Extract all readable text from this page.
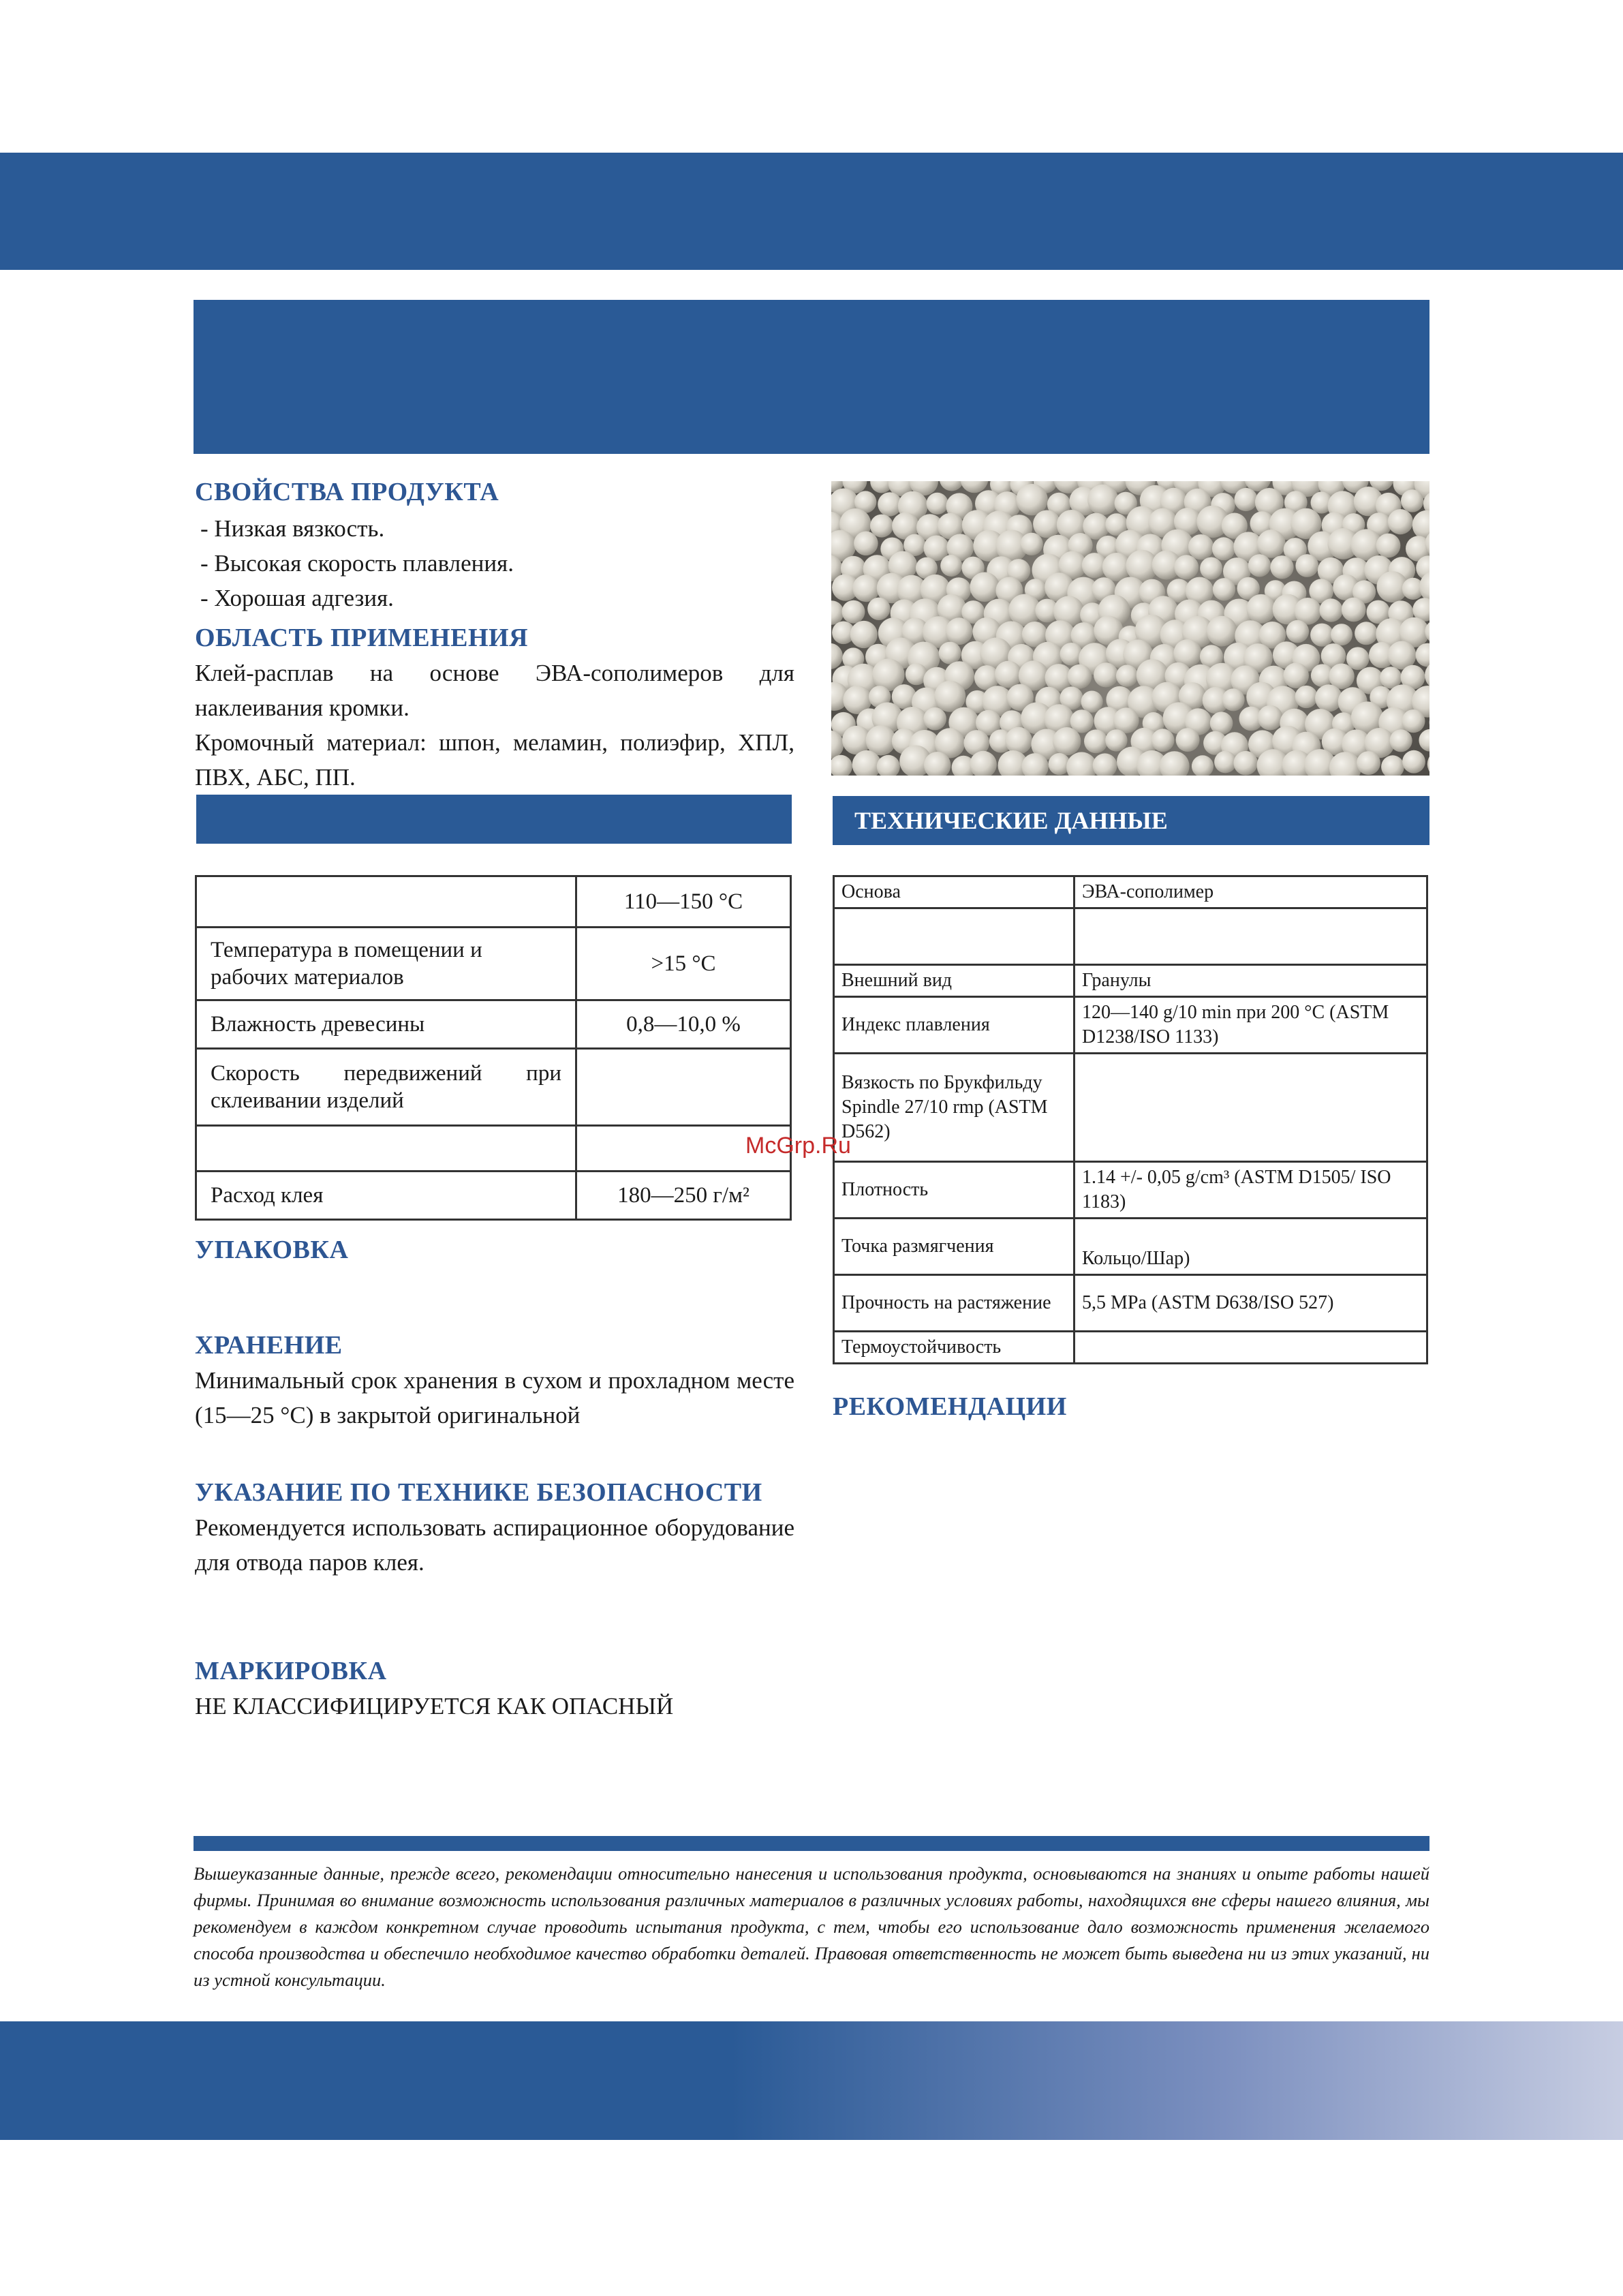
СВОЙСТВА ПРОДУКТА
- Низкая вязкость.
- Высокая скорость плавления.
- Хорошая адгезия.
ОБЛАСТЬ ПРИМЕНЕНИЯ

Клей-расплав на основе ЭВА-сополимеров для наклеивания кромки.

Кромочный материал: шпон, меламин, полиэфир, ХПЛ, ПВХ, АБС, ПП.

	110—150 °С
Температура в помещении и рабочих материалов	>15 °С
Влажность древесины	0,8—10,0 %
Скорость передвижений при склеивании изделий	

Расход клея	180—250 г/м²
УПАКОВКА
ХРАНЕНИЕ

Минимальный срок хранения в сухом и прохладном месте (15—25 °С) в закрытой оригинальной

УКАЗАНИЕ ПО ТЕХНИКЕ БЕЗОПАСНОСТИ

Рекомендуется использовать аспирационное оборудование для отвода паров клея.

МАРКИРОВКА

НЕ КЛАССИФИЦИРУЕТСЯ КАК ОПАСНЫЙ

ТЕХНИЧЕСКИЕ ДАННЫЕ
Основа	ЭВА-сополимер

Внешний вид	Гранулы
Индекс плавления	120—140 g/10 min при 200 °С (ASTM D1238/ISO 1133)
Вязкость по Брукфильду Spindle 27/10 rmp (ASTM D562)	
Плотность	1.14 +/- 0,05 g/cm³ (ASTM D1505/ ISO 1183)
Точка размягчения	Кольцо/Шар)
Прочность на растяжение	5,5 MPa (ASTM D638/ISO 527)
Термоустойчивость	
РЕКОМЕНДАЦИИ
McGrp.Ru

Вышеуказанные данные, прежде всего, рекомендации относительно нанесения и использования продукта, основываются на знаниях и опыте работы нашей фирмы. Принимая во внимание возможность использования различных материалов в различных условиях работы, находящихся вне сферы нашего влияния, мы рекомендуем в каждом конкретном случае проводить испытания продукта, с тем, чтобы его использование дало возможность применения желаемого способа производства и обеспечило необходимое качество обработки деталей. Правовая ответственность не может быть выведена ни из этих указаний, ни из устной консультации.
